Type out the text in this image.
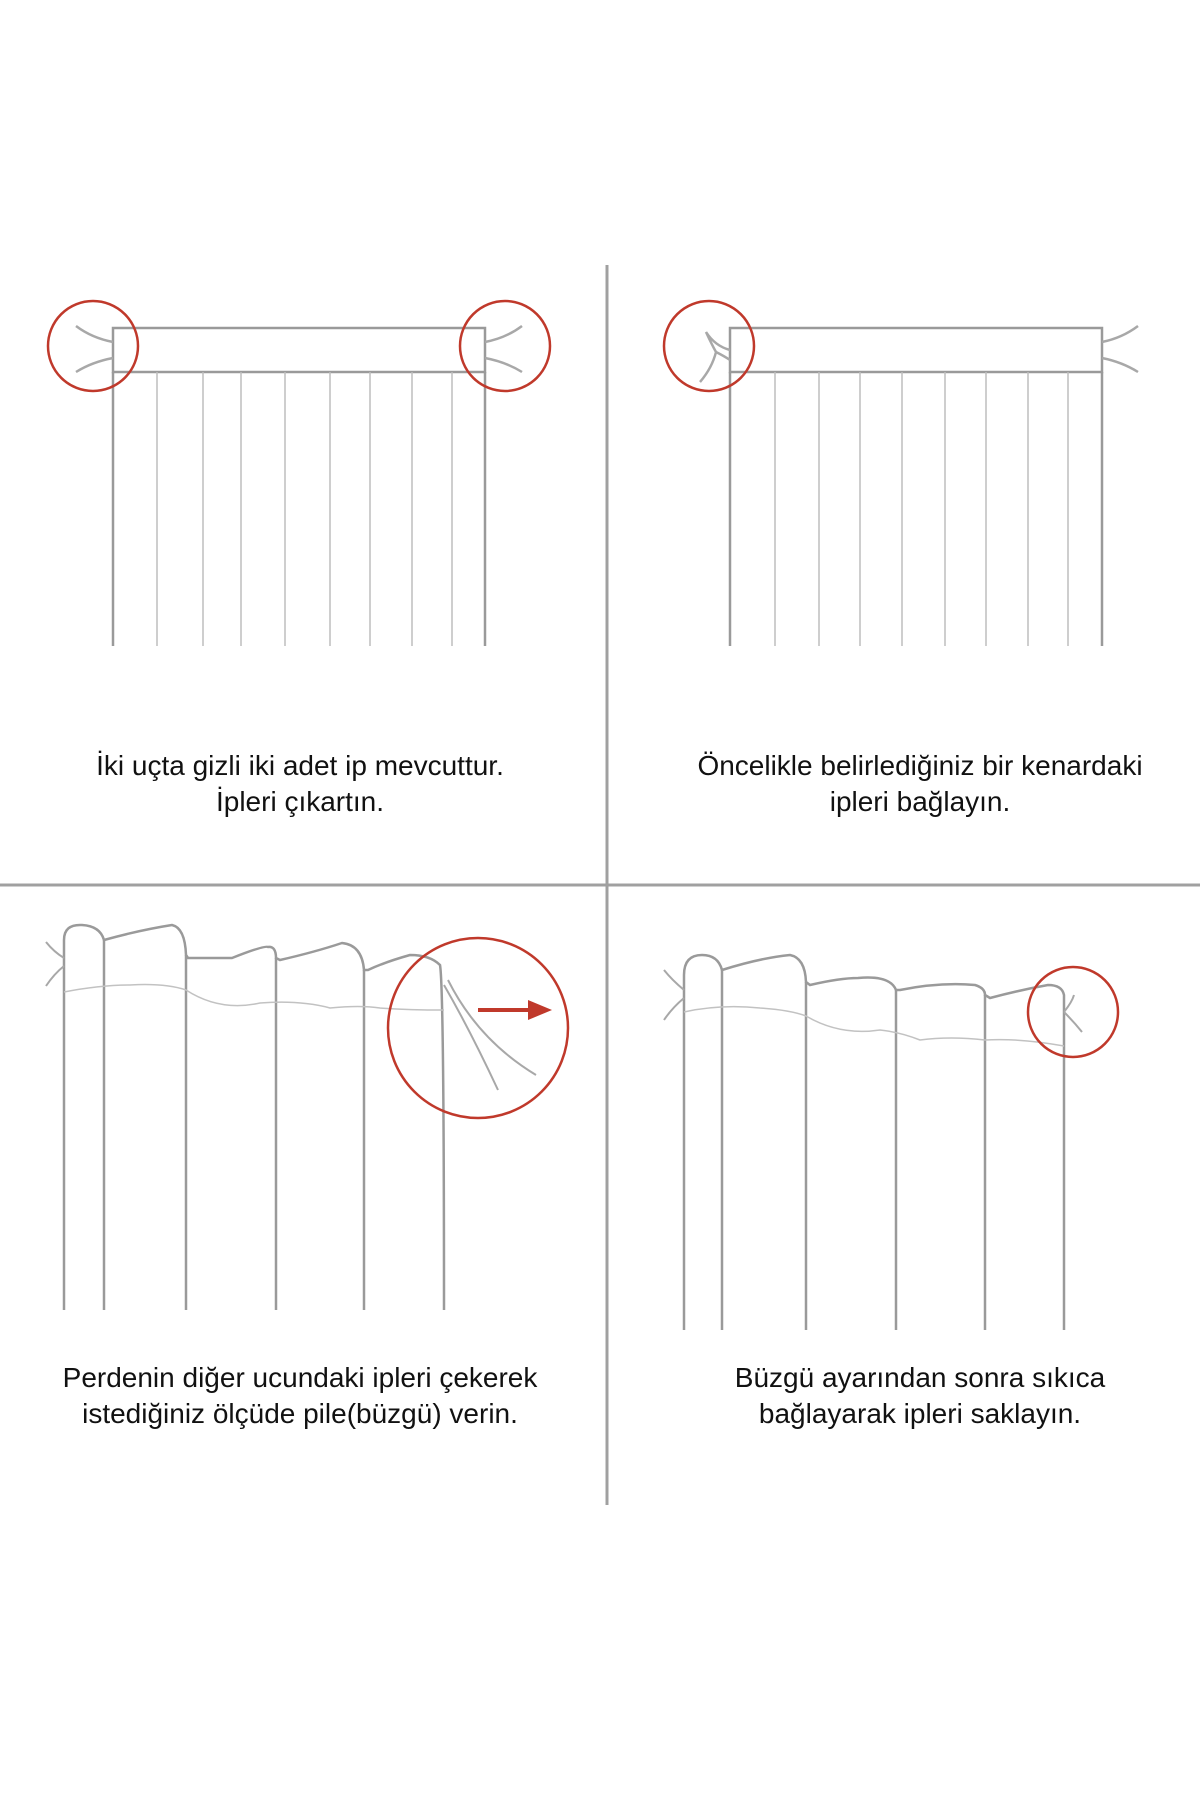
İki uçta gizli iki adet ip mevcuttur.
İpleri çıkartın.
Öncelikle belirlediğiniz bir kenardaki
ipleri bağlayın.
Perdenin diğer ucundaki ipleri çekerek
istediğiniz ölçüde pile(büzgü) verin.
Büzgü ayarından sonra sıkıca
bağlayarak ipleri saklayın.
